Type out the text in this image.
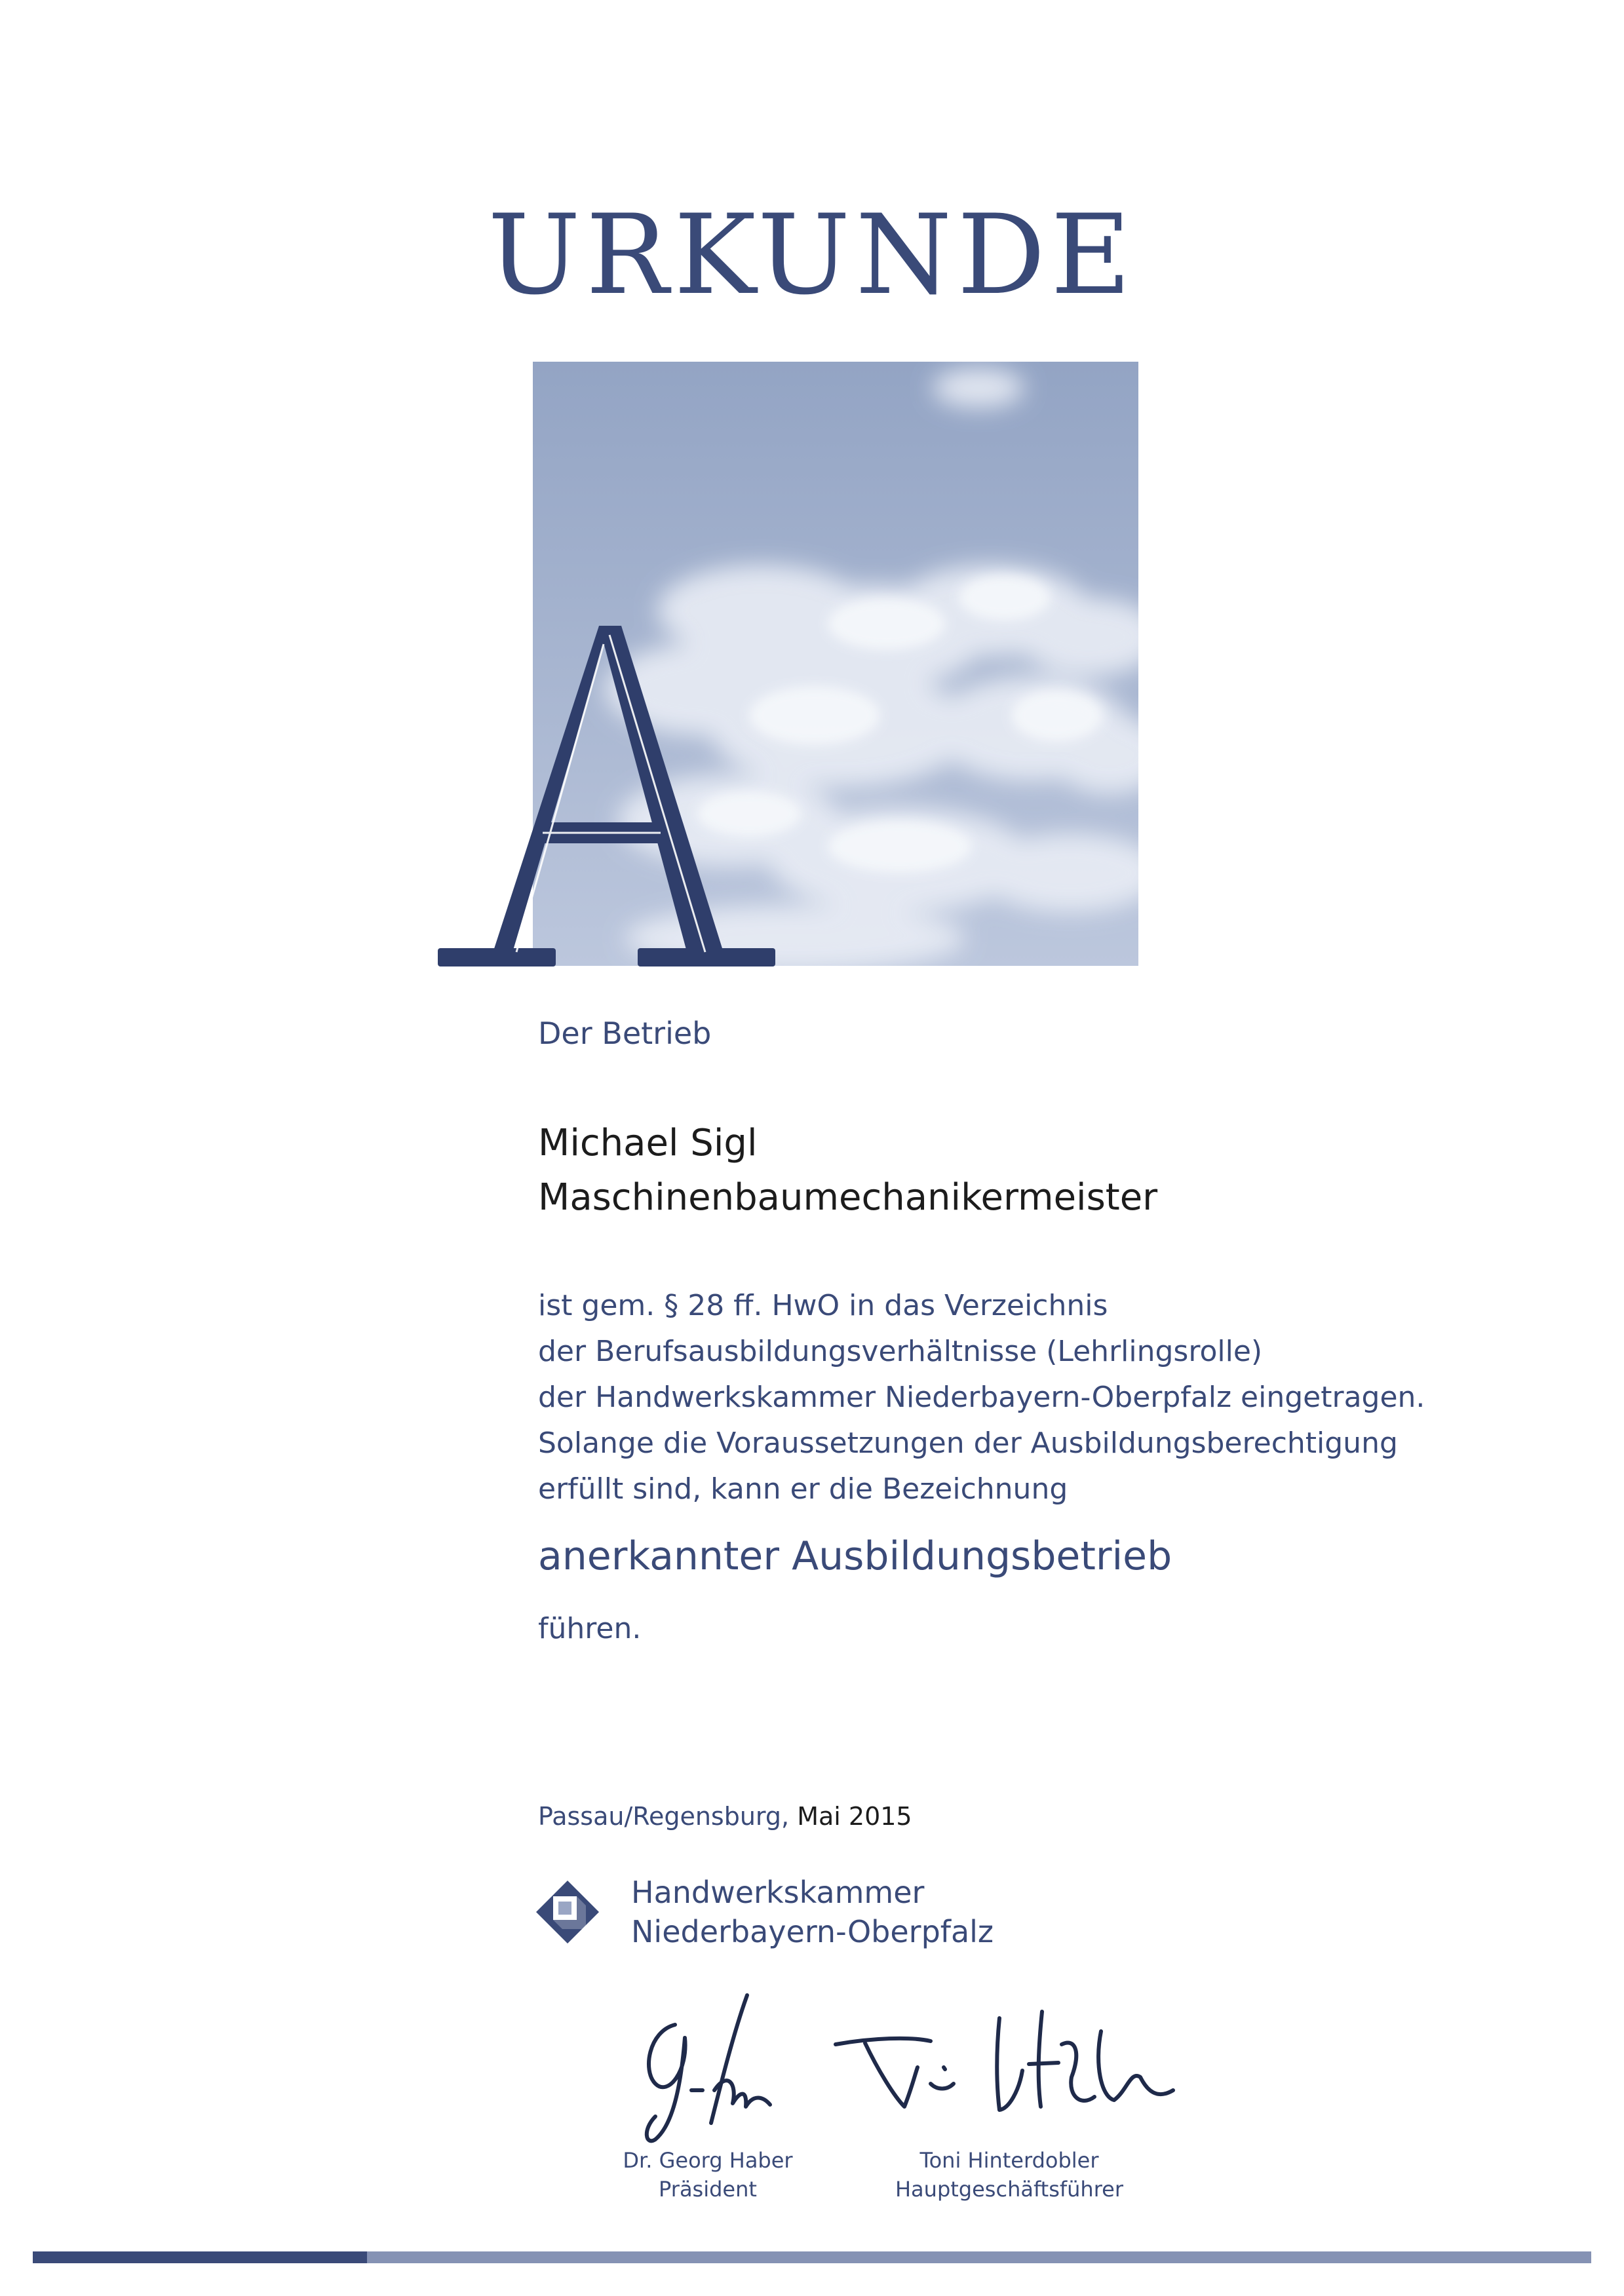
URKUNDE
Der Betrieb
Michael Sigl
Maschinenbaumechanikermeister
ist gem. § 28 ff. HwO in das Verzeichnis
der Berufsausbildungsverhältnisse (Lehrlingsrolle)
der Handwerkskammer Niederbayern-Oberpfalz eingetragen.
Solange die Voraussetzungen der Ausbildungsberechtigung
erfüllt sind, kann er die Bezeichnung
anerkannter Ausbildungsbetrieb
führen.
Passau/Regensburg, Mai 2015
Handwerkskammer
Niederbayern-Oberpfalz
Dr. Georg Haber
Präsident
Toni Hinterdobler
Hauptgeschäftsführer
